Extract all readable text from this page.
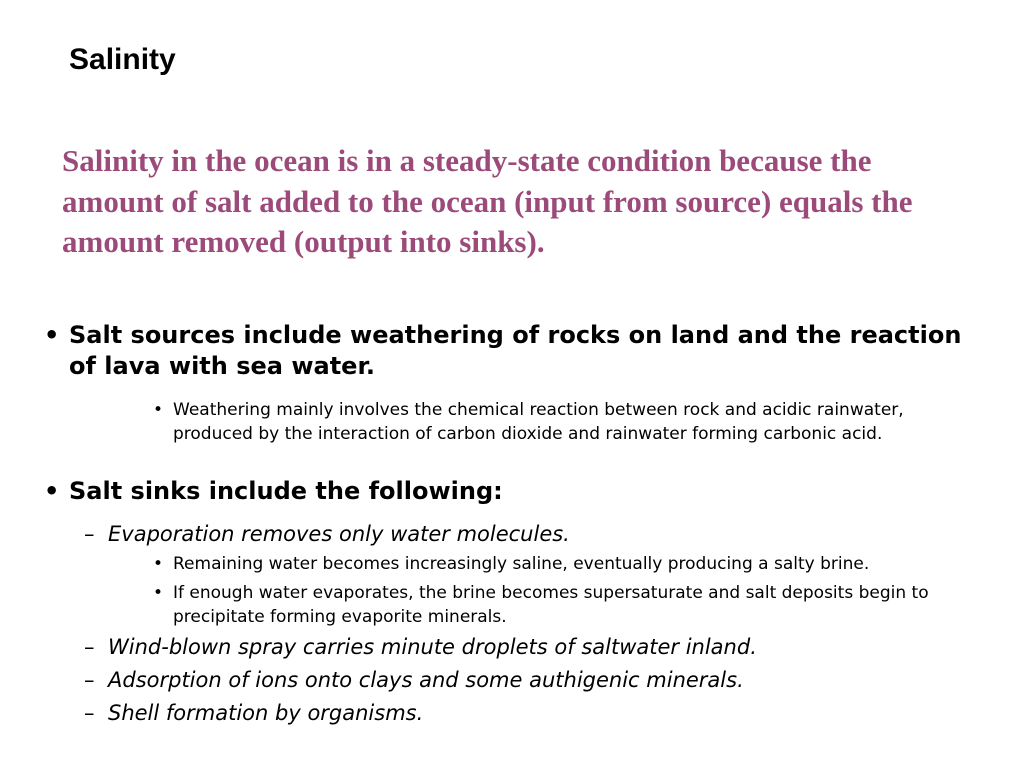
Salinity

Salinity in the ocean is in a steady-state condition because the amount of salt added to the ocean (input from source) equals the amount removed (output into sinks).

• Salt sources include weathering of rocks on land and the reaction of lava with sea water.
• Weathering mainly involves the chemical reaction between rock and acidic rainwater, produced by the interaction of carbon dioxide and rainwater forming carbonic acid.
• Salt sinks include the following:
– Evaporation removes only water molecules.
• Remaining water becomes increasingly saline, eventually producing a salty brine.
• If enough water evaporates, the brine becomes supersaturate and salt deposits begin to precipitate forming evaporite minerals.
– Wind-blown spray carries minute droplets of saltwater inland.
– Adsorption of ions onto clays and some authigenic minerals.
– Shell formation by organisms.
